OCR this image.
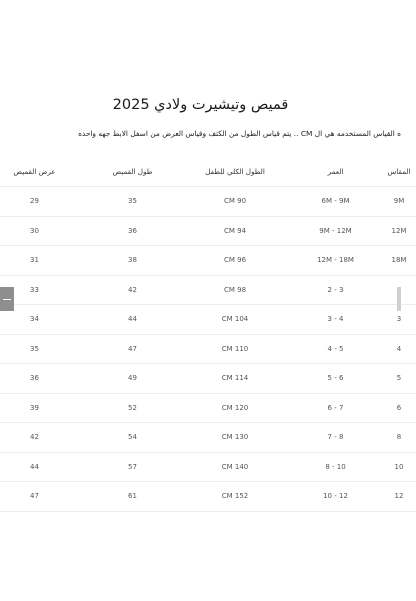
قميص وتيشيرت ولادي 2025

ه القياس المستخدمه هي ال CM .. يتم قياس الطول من الكتف وقياس العرض من اسفل الابط جهه واحده

المقاس
العمر
الطول الكلي للطفل
طول القميص
عرض القميص
9M
6M - 9M
CM 90
35
29
12M
9M - 12M
CM 94
36
30
18M
12M - 18M
CM 96
38
31
3 - 2
CM 98
42
33
3
4 - 3
CM 104
44
34
4
5 - 4
CM 110
47
35
5
6 - 5
CM 114
49
36
6
7 - 6
CM 120
52
39
8
8 - 7
CM 130
54
42
10
10 - 8
CM 140
57
44
12
12 - 10
CM 152
61
47
